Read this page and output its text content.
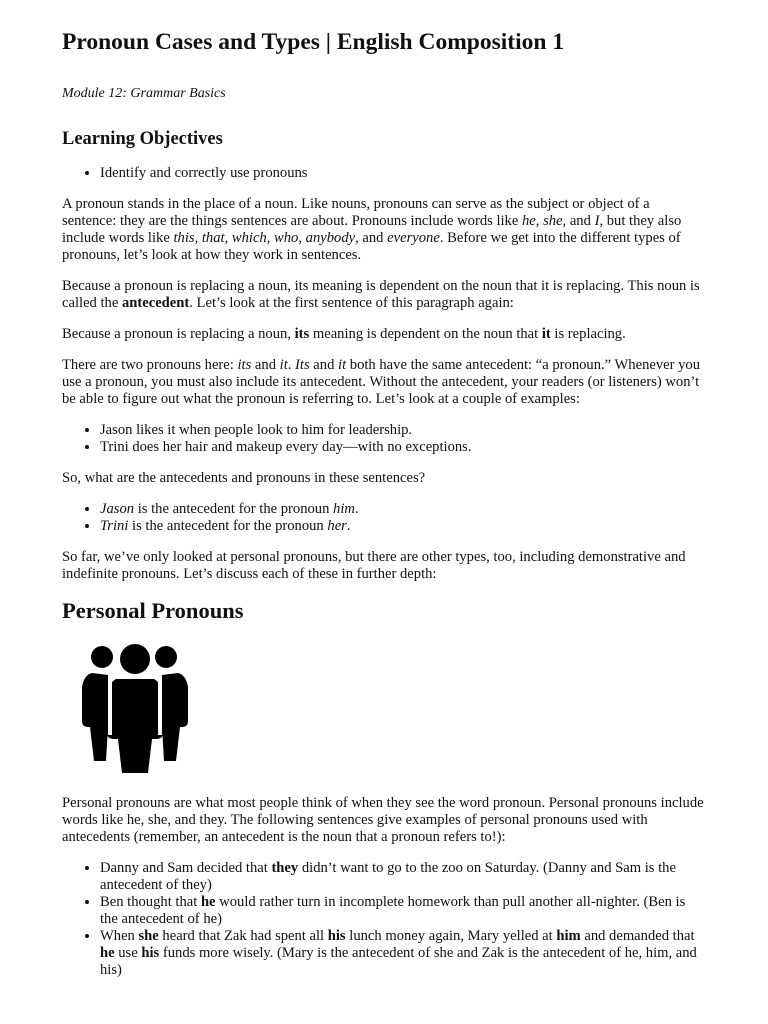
Pronoun Cases and Types | English Composition 1

Module 12: Grammar Basics

Learning Objectives
• Identify and correctly use pronouns

A pronoun stands in the place of a noun. Like nouns, pronouns can serve as the subject or object of a sentence: they are the things sentences are about. Pronouns include words like he, she, and I, but they also include words like this, that, which, who, anybody, and everyone. Before we get into the different types of pronouns, let’s look at how they work in sentences.

Because a pronoun is replacing a noun, its meaning is dependent on the noun that it is replacing. This noun is called the antecedent. Let’s look at the first sentence of this paragraph again:

Because a pronoun is replacing a noun, its meaning is dependent on the noun that it is replacing.

There are two pronouns here: its and it. Its and it both have the same antecedent: “a pronoun.” Whenever you use a pronoun, you must also include its antecedent. Without the antecedent, your readers (or listeners) won’t be able to figure out what the pronoun is referring to. Let’s look at a couple of examples:

• Jason likes it when people look to him for leadership.
• Trini does her hair and makeup every day—with no exceptions.

So, what are the antecedents and pronouns in these sentences?

• Jason is the antecedent for the pronoun him.
• Trini is the antecedent for the pronoun her.

So far, we’ve only looked at personal pronouns, but there are other types, too, including demonstrative and indefinite pronouns. Let’s discuss each of these in further depth:

Personal Pronouns

Personal pronouns are what most people think of when they see the word pronoun. Personal pronouns include words like he, she, and they. The following sentences give examples of personal pronouns used with antecedents (remember, an antecedent is the noun that a pronoun refers to!):

• Danny and Sam decided that they didn’t want to go to the zoo on Saturday. (Danny and Sam is the antecedent of they)
• Ben thought that he would rather turn in incomplete homework than pull another all-nighter. (Ben is the antecedent of he)
• When she heard that Zak had spent all his lunch money again, Mary yelled at him and demanded that he use his funds more wisely. (Mary is the antecedent of she and Zak is the antecedent of he, him, and his)
